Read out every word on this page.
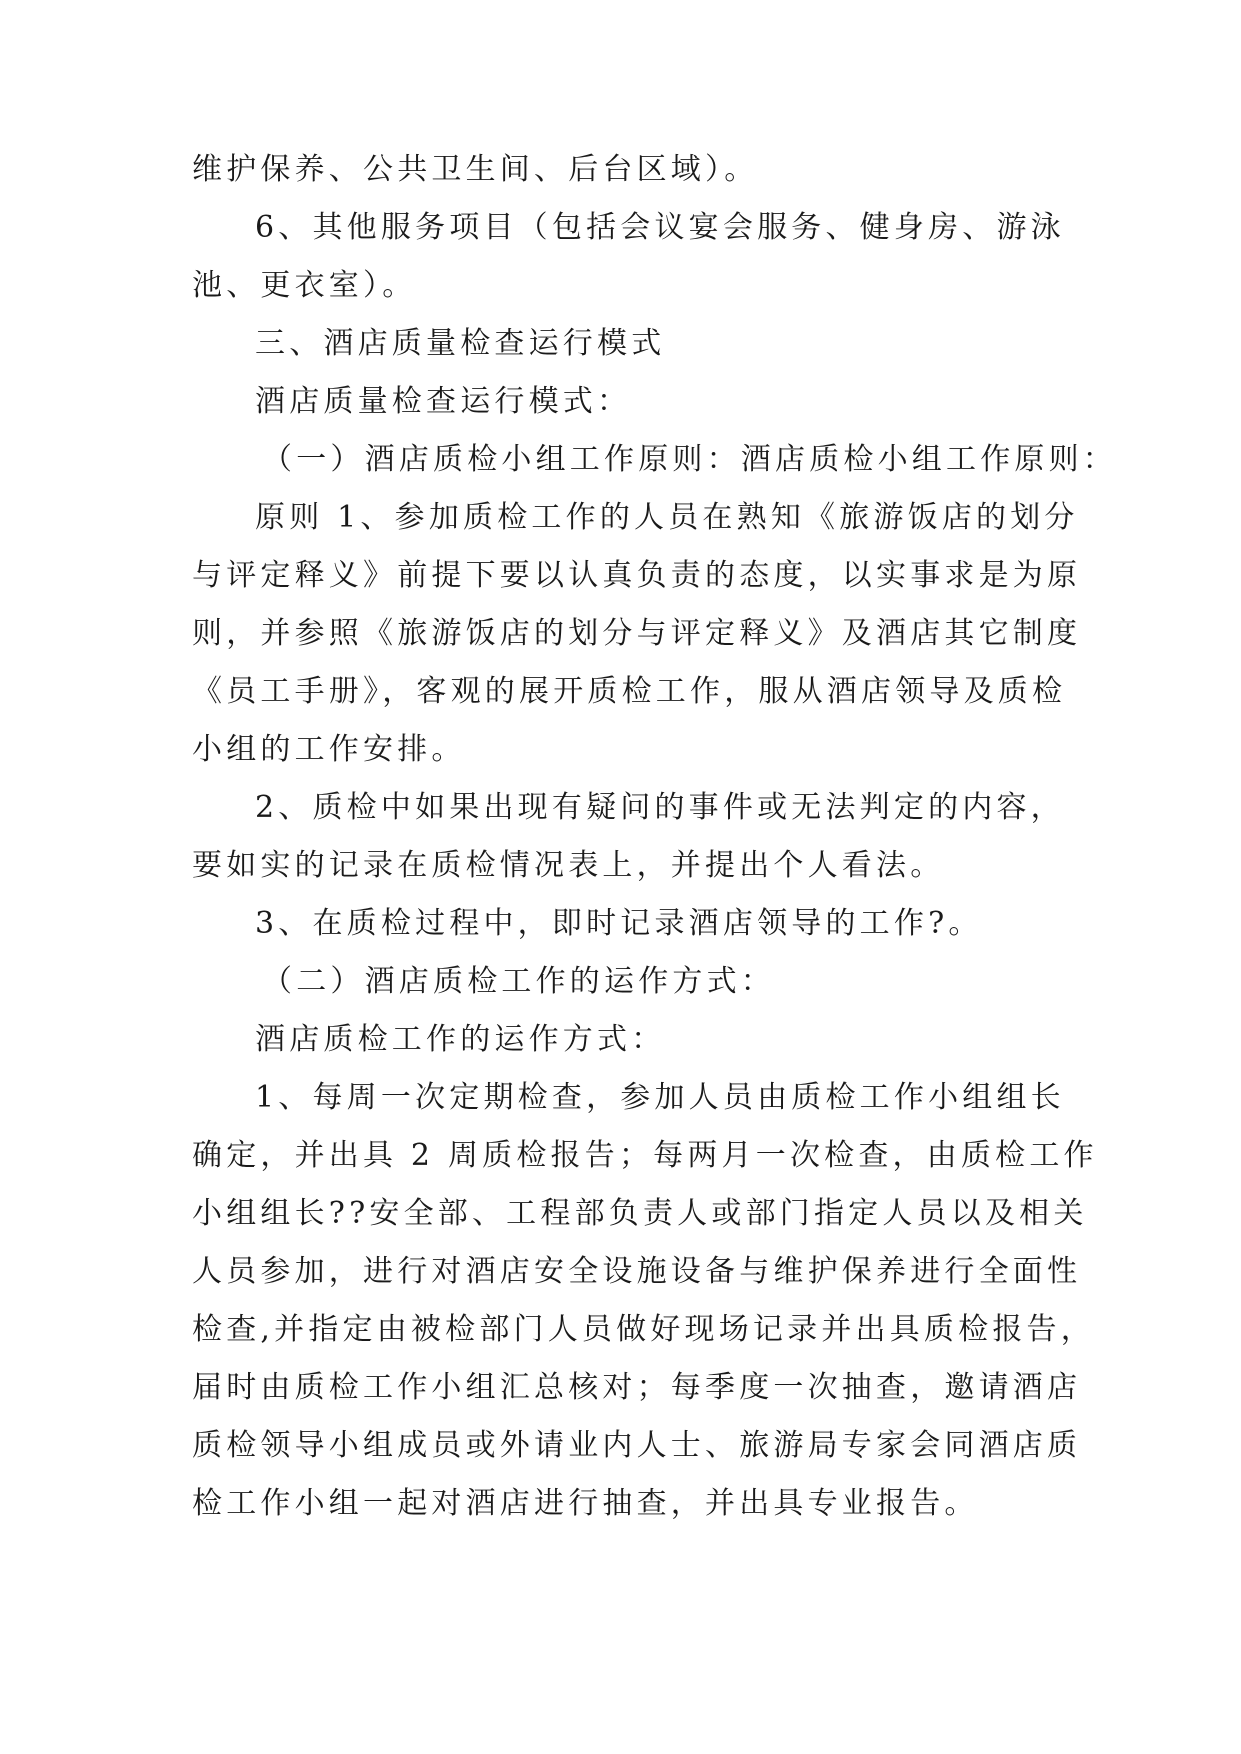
维护保养、公共卫生间、后台区域）。
6、其他服务项目（包括会议宴会服务、健身房、游泳
池、更衣室）。
三、酒店质量检查运行模式
酒店质量检查运行模式：
（一）酒店质检小组工作原则：酒店质检小组工作原则：
原则 1、参加质检工作的人员在熟知《旅游饭店的划分
与评定释义》前提下要以认真负责的态度，以实事求是为原
则，并参照《旅游饭店的划分与评定释义》及酒店其它制度
《员工手册》，客观的展开质检工作，服从酒店领导及质检
小组的工作安排。
2、质检中如果出现有疑问的事件或无法判定的内容，
要如实的记录在质检情况表上，并提出个人看法。
3、在质检过程中，即时记录酒店领导的工作?。
（二）酒店质检工作的运作方式：
酒店质检工作的运作方式：
1、每周一次定期检查，参加人员由质检工作小组组长
确定，并出具 2 周质检报告；每两月一次检查，由质检工作
小组组长??安全部、工程部负责人或部门指定人员以及相关
人员参加，进行对酒店安全设施设备与维护保养进行全面性
检查,并指定由被检部门人员做好现场记录并出具质检报告，
届时由质检工作小组汇总核对；每季度一次抽查，邀请酒店
质检领导小组成员或外请业内人士、旅游局专家会同酒店质
检工作小组一起对酒店进行抽查，并出具专业报告。
